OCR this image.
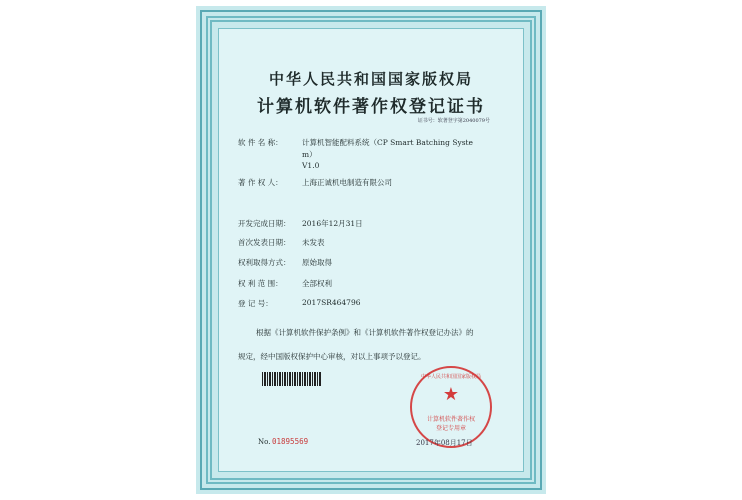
中华人民共和国国家版权局
计算机软件著作权登记证书
证书号：软著登字第2040079号
软 件 名 称：	计算机智能配料系统（CP Smart Batching Syste
m）
V1.0
著 作 权 人：	上海正诚机电制造有限公司
开发完成日期： 2016年12月31日
首次发表日期： 未发表
权利取得方式： 原始取得
权 利 范 围：	全部权利
登 记 号：	2017SR464796
根据《计算机软件保护条例》和《计算机软件著作权登记办法》的
规定，经中国版权保护中心审核，对以上事项予以登记。
No. 01895569
中华人民共和国国家版权局
★
计算机软件著作权
登记专用章
2017年08月17日
